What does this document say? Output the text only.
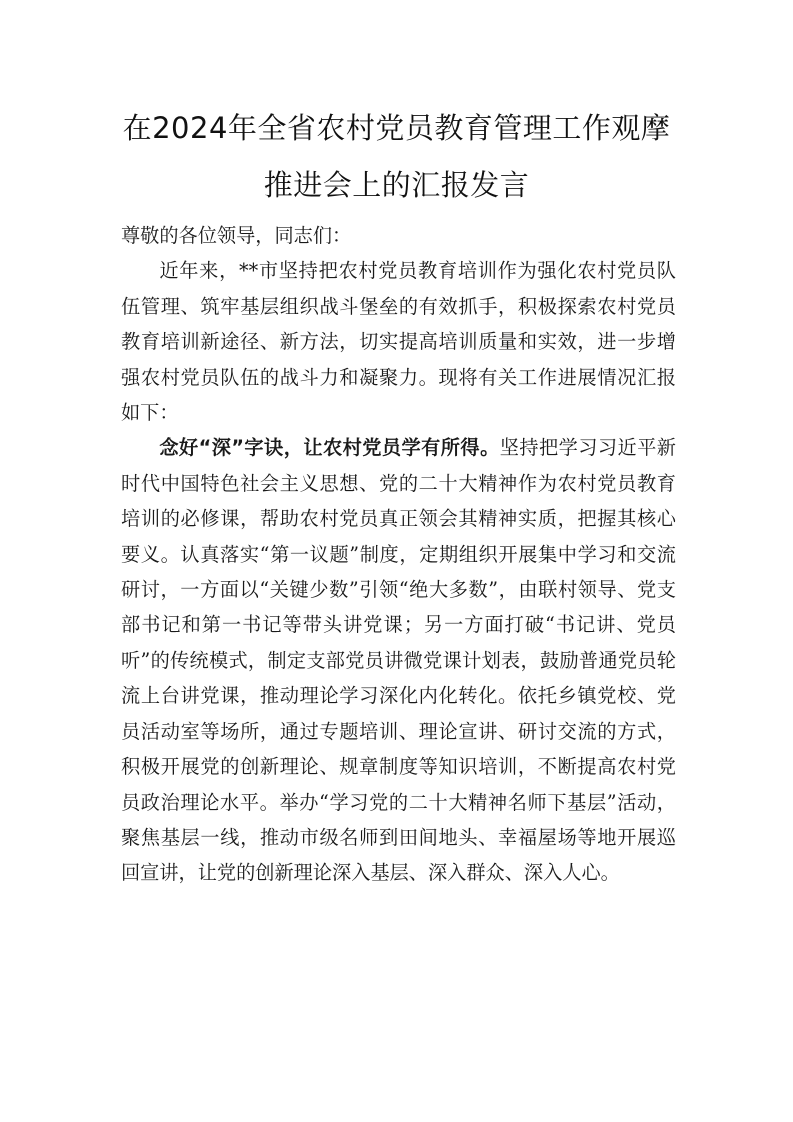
在2024年全省农村党员教育管理工作观摩
推进会上的汇报发言

尊敬的各位领导，同志们：

近年来，**市坚持把农村党员教育培训作为强化农村党员队伍管理、筑牢基层组织战斗堡垒的有效抓手，积极探索农村党员教育培训新途径、新方法，切实提高培训质量和实效，进一步增强农村党员队伍的战斗力和凝聚力。现将有关工作进展情况汇报如下：

念好“深”字诀，让农村党员学有所得。坚持把学习习近平新时代中国特色社会主义思想、党的二十大精神作为农村党员教育培训的必修课，帮助农村党员真正领会其精神实质，把握其核心要义。认真落实“第一议题”制度，定期组织开展集中学习和交流研讨，一方面以“关键少数”引领“绝大多数”，由联村领导、党支部书记和第一书记等带头讲党课；另一方面打破“书记讲、党员听”的传统模式，制定支部党员讲微党课计划表，鼓励普通党员轮流上台讲党课，推动理论学习深化内化转化。依托乡镇党校、党员活动室等场所，通过专题培训、理论宣讲、研讨交流的方式，积极开展党的创新理论、规章制度等知识培训，不断提高农村党员政治理论水平。举办“学习党的二十大精神名师下基层”活动，聚焦基层一线，推动市级名师到田间地头、幸福屋场等地开展巡回宣讲，让党的创新理论深入基层、深入群众、深入人心。
